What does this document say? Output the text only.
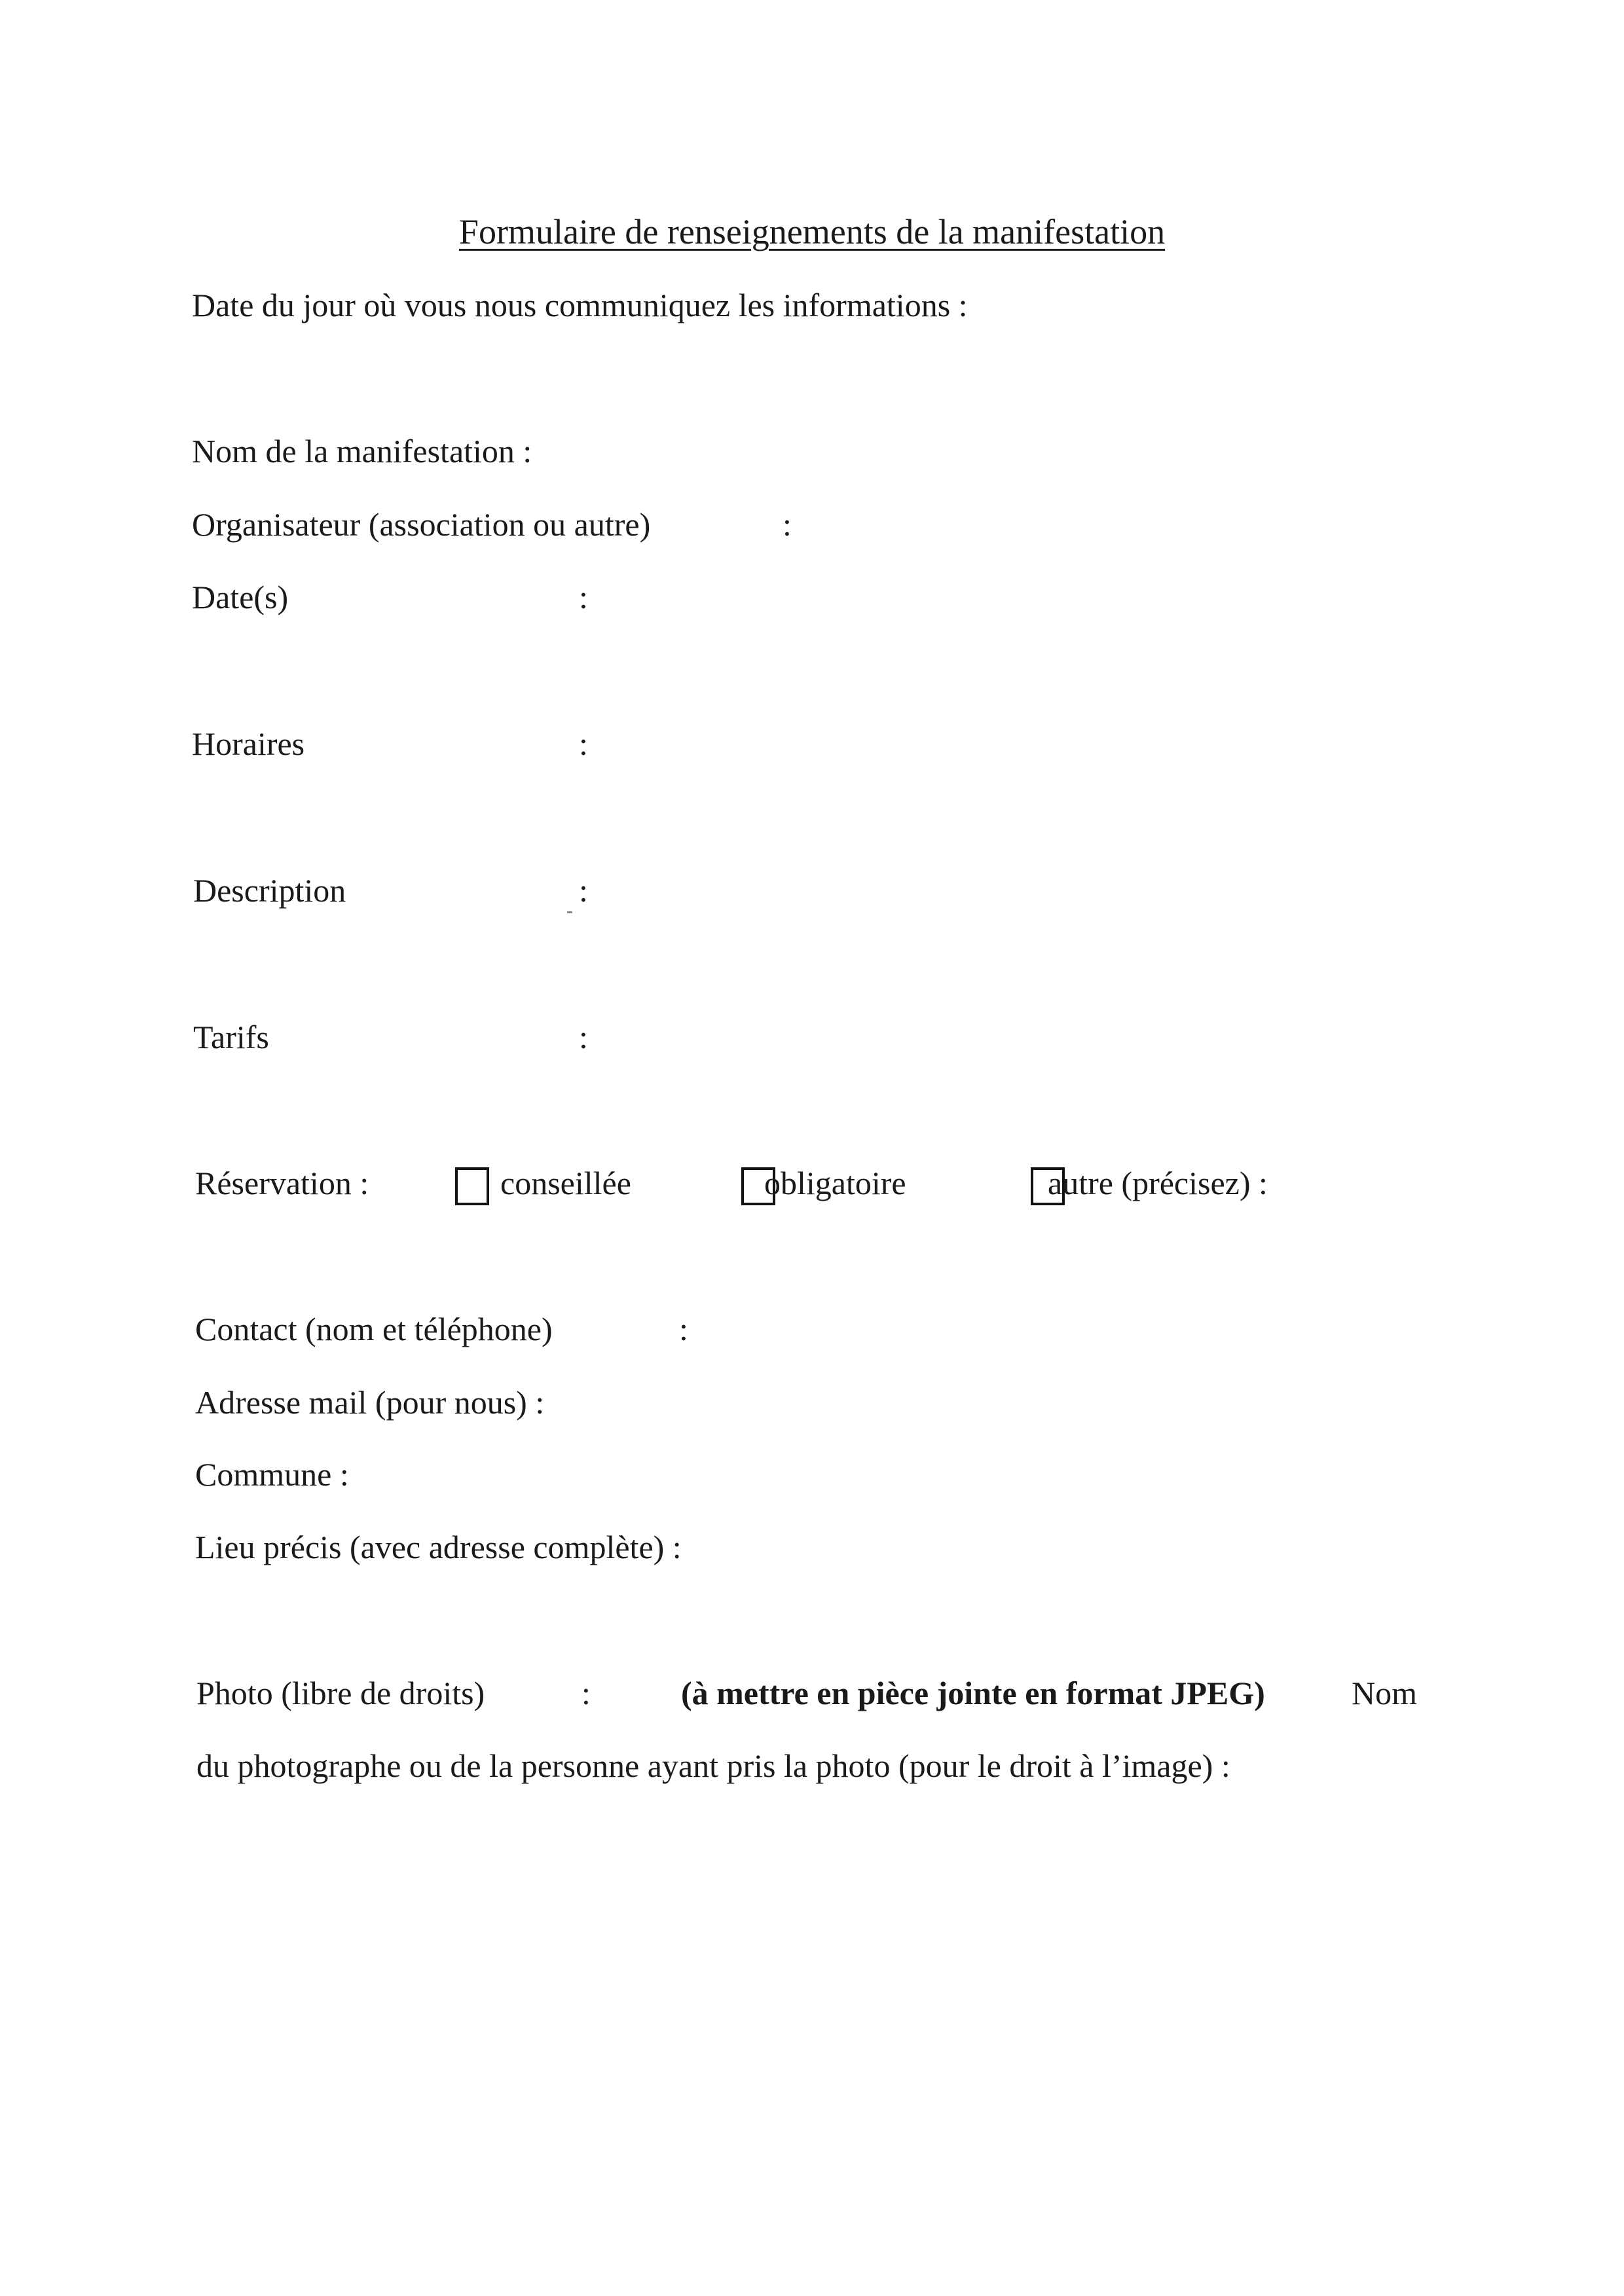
Formulaire de renseignements de la manifestation
Date du jour où vous nous communiquez les informations :
Nom de la manifestation :
Organisateur (association ou autre)	:
Date(s)	:
Horaires	:
Description	:
Tarifs	:
Réservation :	conseillée	obligatoire	autre (précisez) :
Contact (nom et téléphone)	:
Adresse mail (pour nous) :
Commune :
Lieu précis (avec adresse complète) :
Photo (libre de droits)	:	(à mettre en pièce jointe en format JPEG)	Nom
du photographe ou de la personne ayant pris la photo (pour le droit à l’image) :
